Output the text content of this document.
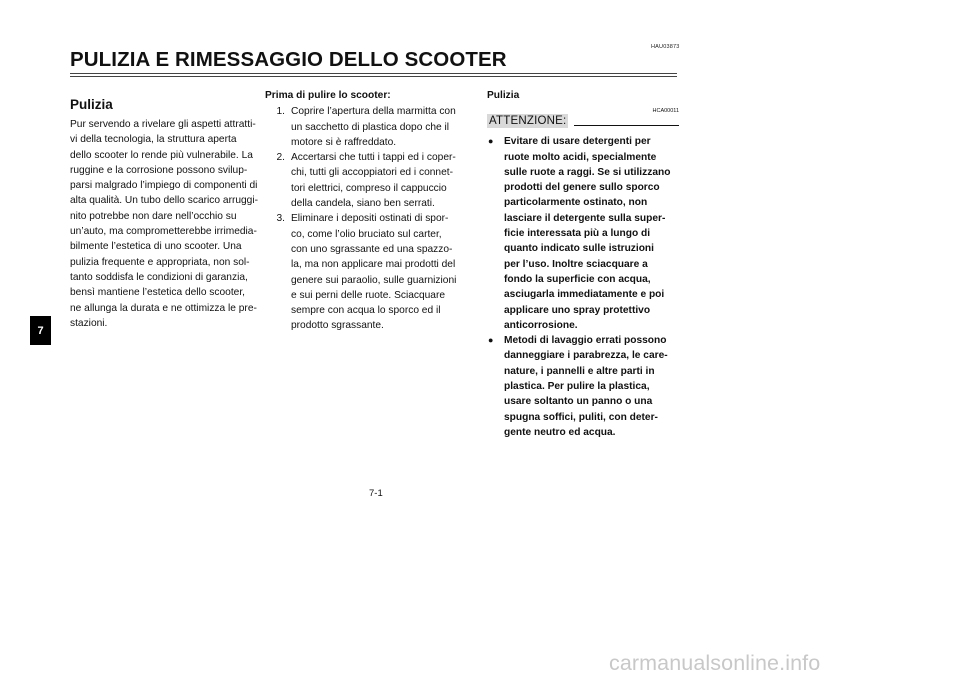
HAU03873
PULIZIA E RIMESSAGGIO DELLO SCOOTER
7
Pulizia

Pur servendo a rivelare gli aspetti attratti-
vi della tecnologia, la struttura aperta
dello scooter lo rende più vulnerabile. La
ruggine e la corrosione possono svilup-
parsi malgrado l’impiego di componenti di
alta qualità. Un tubo dello scarico arruggi-
nito potrebbe non dare nell’occhio su
un’auto, ma comprometterebbe irrimedia-
bilmente l’estetica di uno scooter. Una
pulizia frequente e appropriata, non sol-
tanto soddisfa le condizioni di garanzia,
bensì mantiene l’estetica dello scooter,
ne allunga la durata e ne ottimizza le pre-
stazioni.

Prima di pulire lo scooter:
1. Coprire l’apertura della marmitta con
un sacchetto di plastica dopo che il
motore si è raffreddato.
2. Accertarsi che tutti i tappi ed i coper-
chi, tutti gli accoppiatori ed i connet-
tori elettrici, compreso il cappuccio
della candela, siano ben serrati.
3. Eliminare i depositi ostinati di spor-
co, come l’olio bruciato sul carter,
con uno sgrassante ed una spazzo-
la, ma non applicare mai prodotti del
genere sui paraolio, sulle guarnizioni
e sui perni delle ruote. Sciacquare
sempre con acqua lo sporco ed il
prodotto sgrassante.
Pulizia
HCA00011
ATTENZIONE:
●	Evitare di usare detergenti per
ruote molto acidi, specialmente
sulle ruote a raggi. Se si utilizzano
prodotti del genere sullo sporco
particolarmente ostinato, non
lasciare il detergente sulla super-
ficie interessata più a lungo di
quanto indicato sulle istruzioni
per l’uso. Inoltre sciacquare a
fondo la superficie con acqua,
asciugarla immediatamente e poi
applicare uno spray protettivo
anticorrosione.
●	Metodi di lavaggio errati possono
danneggiare i parabrezza, le care-
nature, i pannelli e altre parti in
plastica. Per pulire la plastica,
usare soltanto un panno o una
spugna soffici, puliti, con deter-
gente neutro ed acqua.
7-1
carmanualsonline.info
